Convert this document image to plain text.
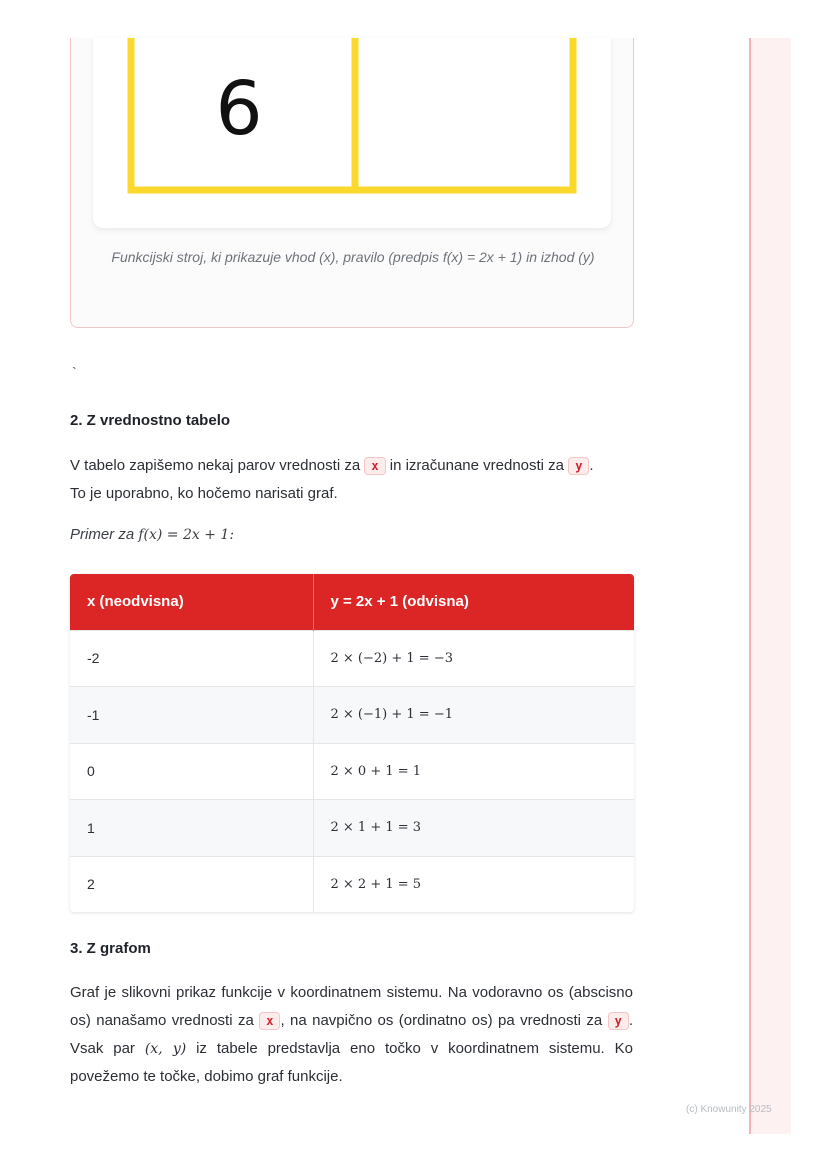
6
Funkcijski stroj, ki prikazuje vhod (x), pravilo (predpis f(x) = 2x + 1) in izhod (y)
`
2. Z vrednostno tabelo

V tabelo zapišemo nekaj parov vrednosti za x in izračunane vrednosti za y .
To je uporabno, ko hočemo narisati graf.

Primer za f(x) = 2x + 1:
x (neodvisna)	y = 2x + 1 (odvisna)
-2	2 × (−2) + 1 = −3
-1	2 × (−1) + 1 = −1
0	2 × 0 + 1 = 1
1	2 × 1 + 1 = 3
2	2 × 2 + 1 = 5
3. Z grafom

Graf je slikovni prikaz funkcije v koordinatnem sistemu. Na vodoravno os (abscisno os) nanašamo vrednosti za x , na navpično os (ordinatno os) pa vrednosti za y . Vsak par (x, y) iz tabele predstavlja eno točko v koordinatnem sistemu. Ko povežemo te točke, dobimo graf funkcije.

(c) Knowunity 2025
